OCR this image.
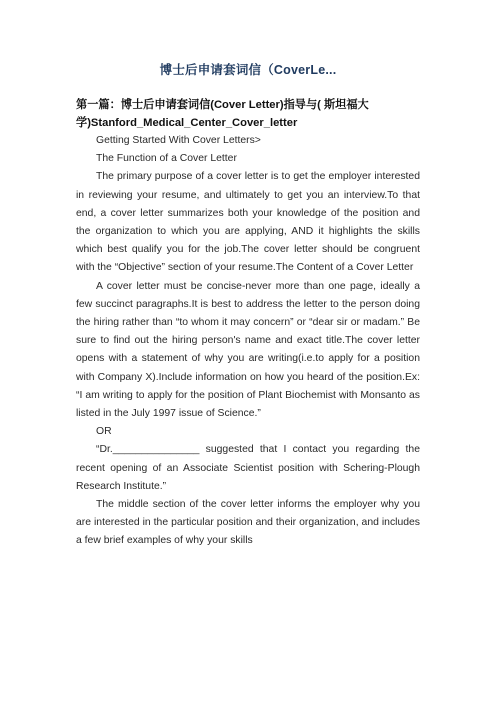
博士后申请套词信（CoverLe...
第一篇：博士后申请套词信(Cover Letter)指导与( 斯坦福大学)Stanford_Medical_Center_Cover_letter

Getting Started With Cover Letters>

The Function of a Cover Letter

The primary purpose of a cover letter is to get the employer interested in reviewing your resume, and ultimately to get you an interview.To that end, a cover letter summarizes both your knowledge of the position and the organization to which you are applying, AND it highlights the skills which best qualify you for the job.The cover letter should be congruent with the “Objective” section of your resume.The Content of a Cover Letter

A cover letter must be concise-never more than one page, ideally a few succinct paragraphs.It is best to address the letter to the person doing the hiring rather than “to whom it may concern” or “dear sir or madam.” Be sure to find out the hiring person's name and exact title.The cover letter opens with a statement of why you are writing(i.e.to apply for a position with Company X).Include information on how you heard of the position.Ex: “I am writing to apply for the position of Plant Biochemist with Monsanto as listed in the July 1997 issue of Science.”

OR

“Dr._______________ suggested that I contact you regarding the recent opening of an Associate Scientist position with Schering-Plough Research Institute.”

The middle section of the cover letter informs the employer why you are interested in the particular position and their organization, and includes a few brief examples of why your skills
